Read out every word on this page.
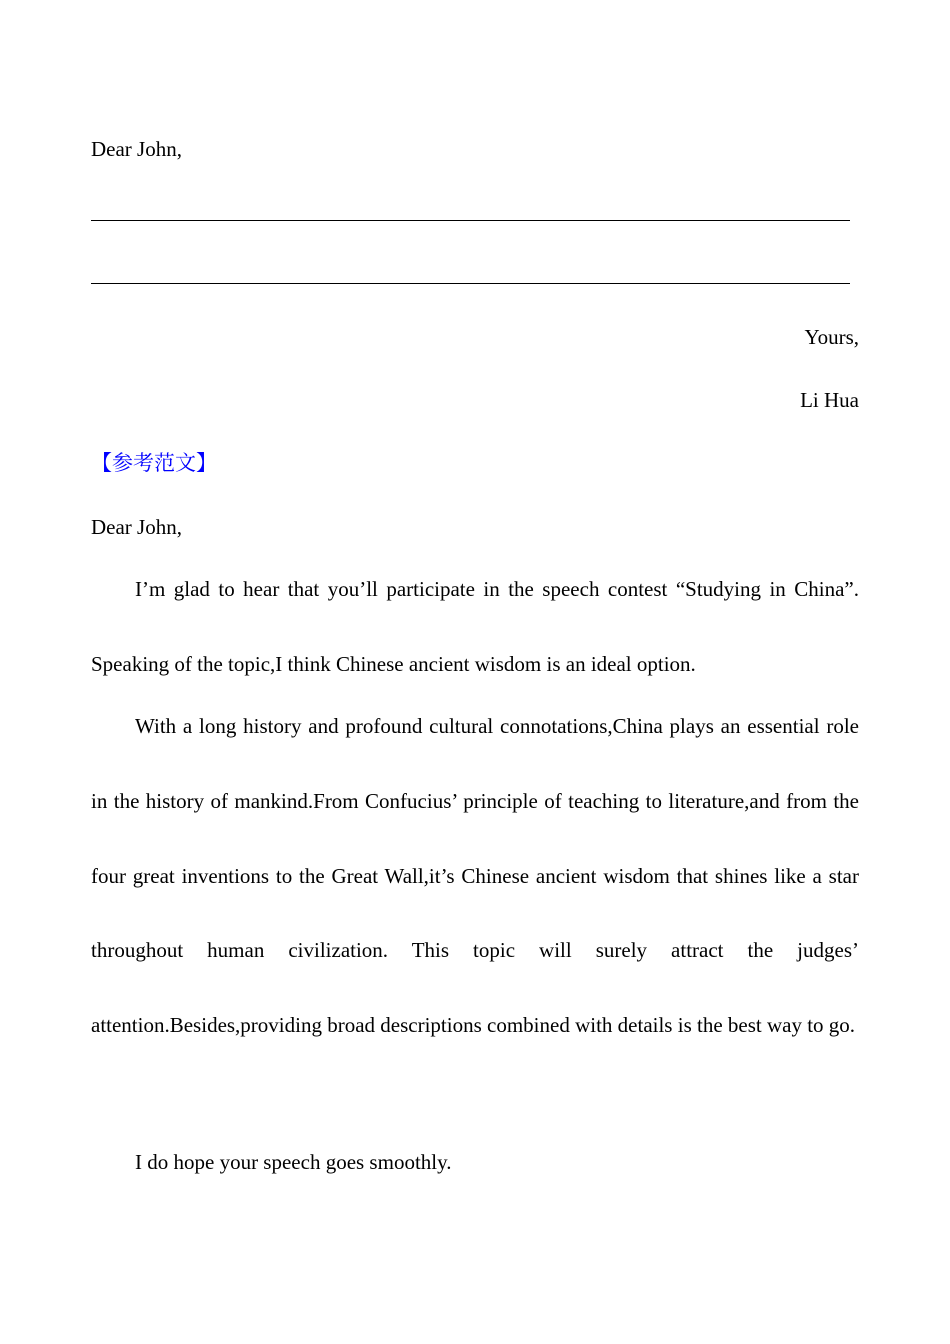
Dear John,
Yours,
Li Hua
【参考范文】
Dear John,

I’m glad to hear that you’ll participate in the speech contest “Studying in China”. Speaking of the topic,I think Chinese ancient wisdom is an ideal option.

With a long history and profound cultural connotations,China plays an essential role in the history of mankind.From Confucius’ principle of teaching to literature,and from the four great inventions to the Great Wall,it’s Chinese ancient wisdom that shines like a star throughout human civilization. This topic will surely attract the judges’ attention.Besides,providing broad descriptions combined with details is the best way to go.

I do hope your speech goes smoothly.
